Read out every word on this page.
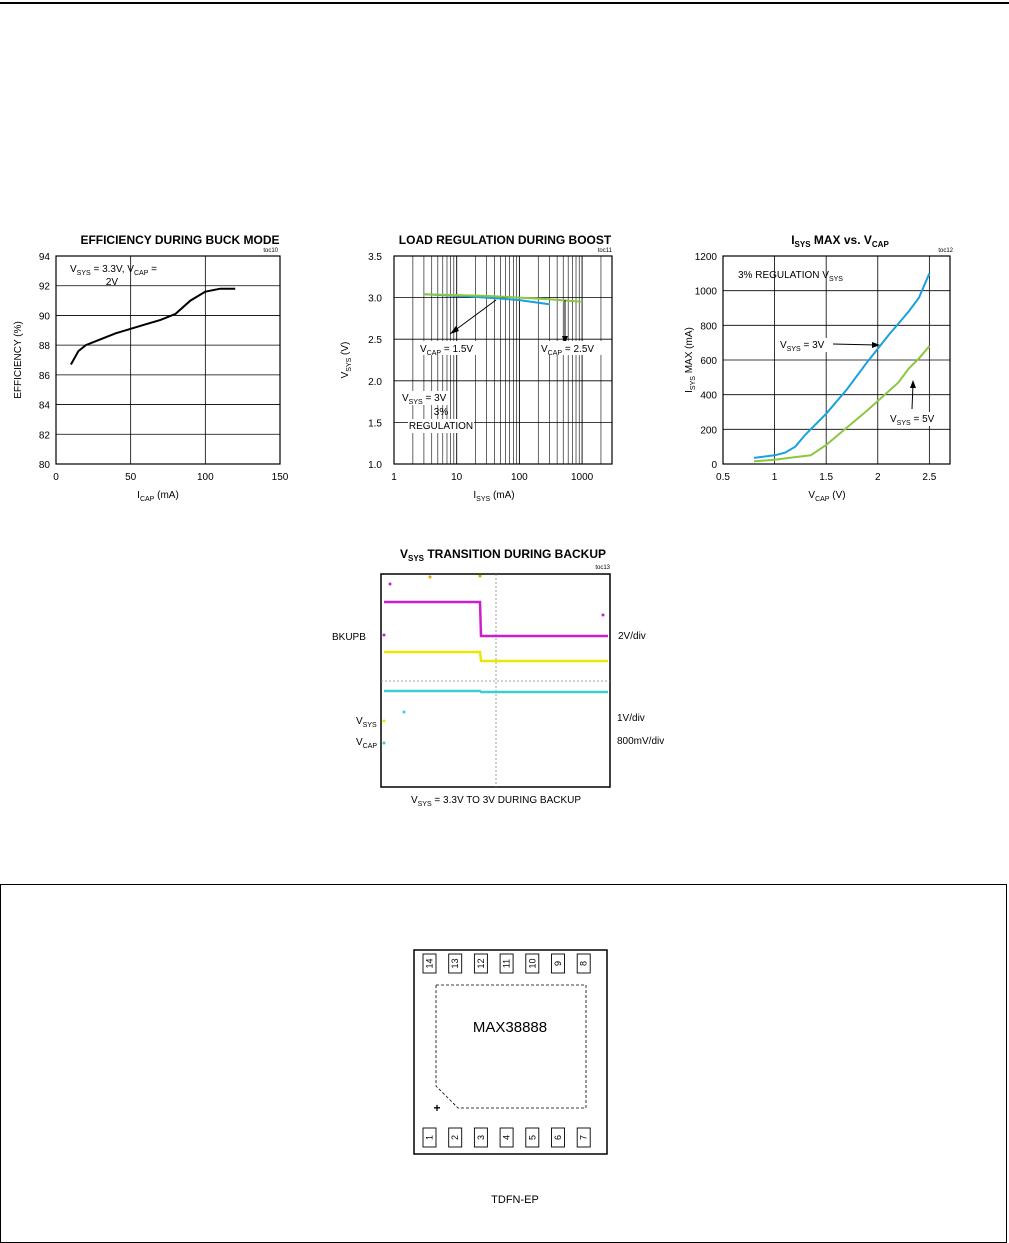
EFFICIENCY DURING BUCK MODE
toc10
80
82
84
86
88
90
92
94
0	50	100	150
EFFICIENCY (%)
$I_{CAP}$ (mA)
$V_{SYS} = 3.3V$, $V_{CAP}$ =
2V
LOAD REGULATION DURING BOOST
toc11
1.0
1.5
2.0
2.5
3.0
3.5
1	10	100	1000
$V_{SYS}$ (V)
$I_{SYS}$ (mA)
$V_{CAP} = 1.5V$	$V_{CAP} = 2.5V$
$V_{SYS} = 3V$
3%
REGULATION
$I_{SYS}$ MAX vs. $V_{CAP}$
toc12
0
200
400
600
800
1000
1200
0.5	1	1.5	2	2.5
$I_{SYS}$ MAX (mA)
$V_{CAP}$ (V)
3% REGULATION $V_{SYS}$
$V_{SYS} = 3V$
$V_{SYS} = 5V$
$V_{SYS}$ TRANSITION DURING BACKUP
toc13
BKUPB
$V_{SYS}$
$V_{CAP}$
2V/div
1V/div
800mV/div
$V_{SYS} = 3.3V$ TO 3V DURING BACKUP
14 13 12 11 10 9 8
1 2 3 4 5 6 7
MAX38888
+
TDFN-EP
